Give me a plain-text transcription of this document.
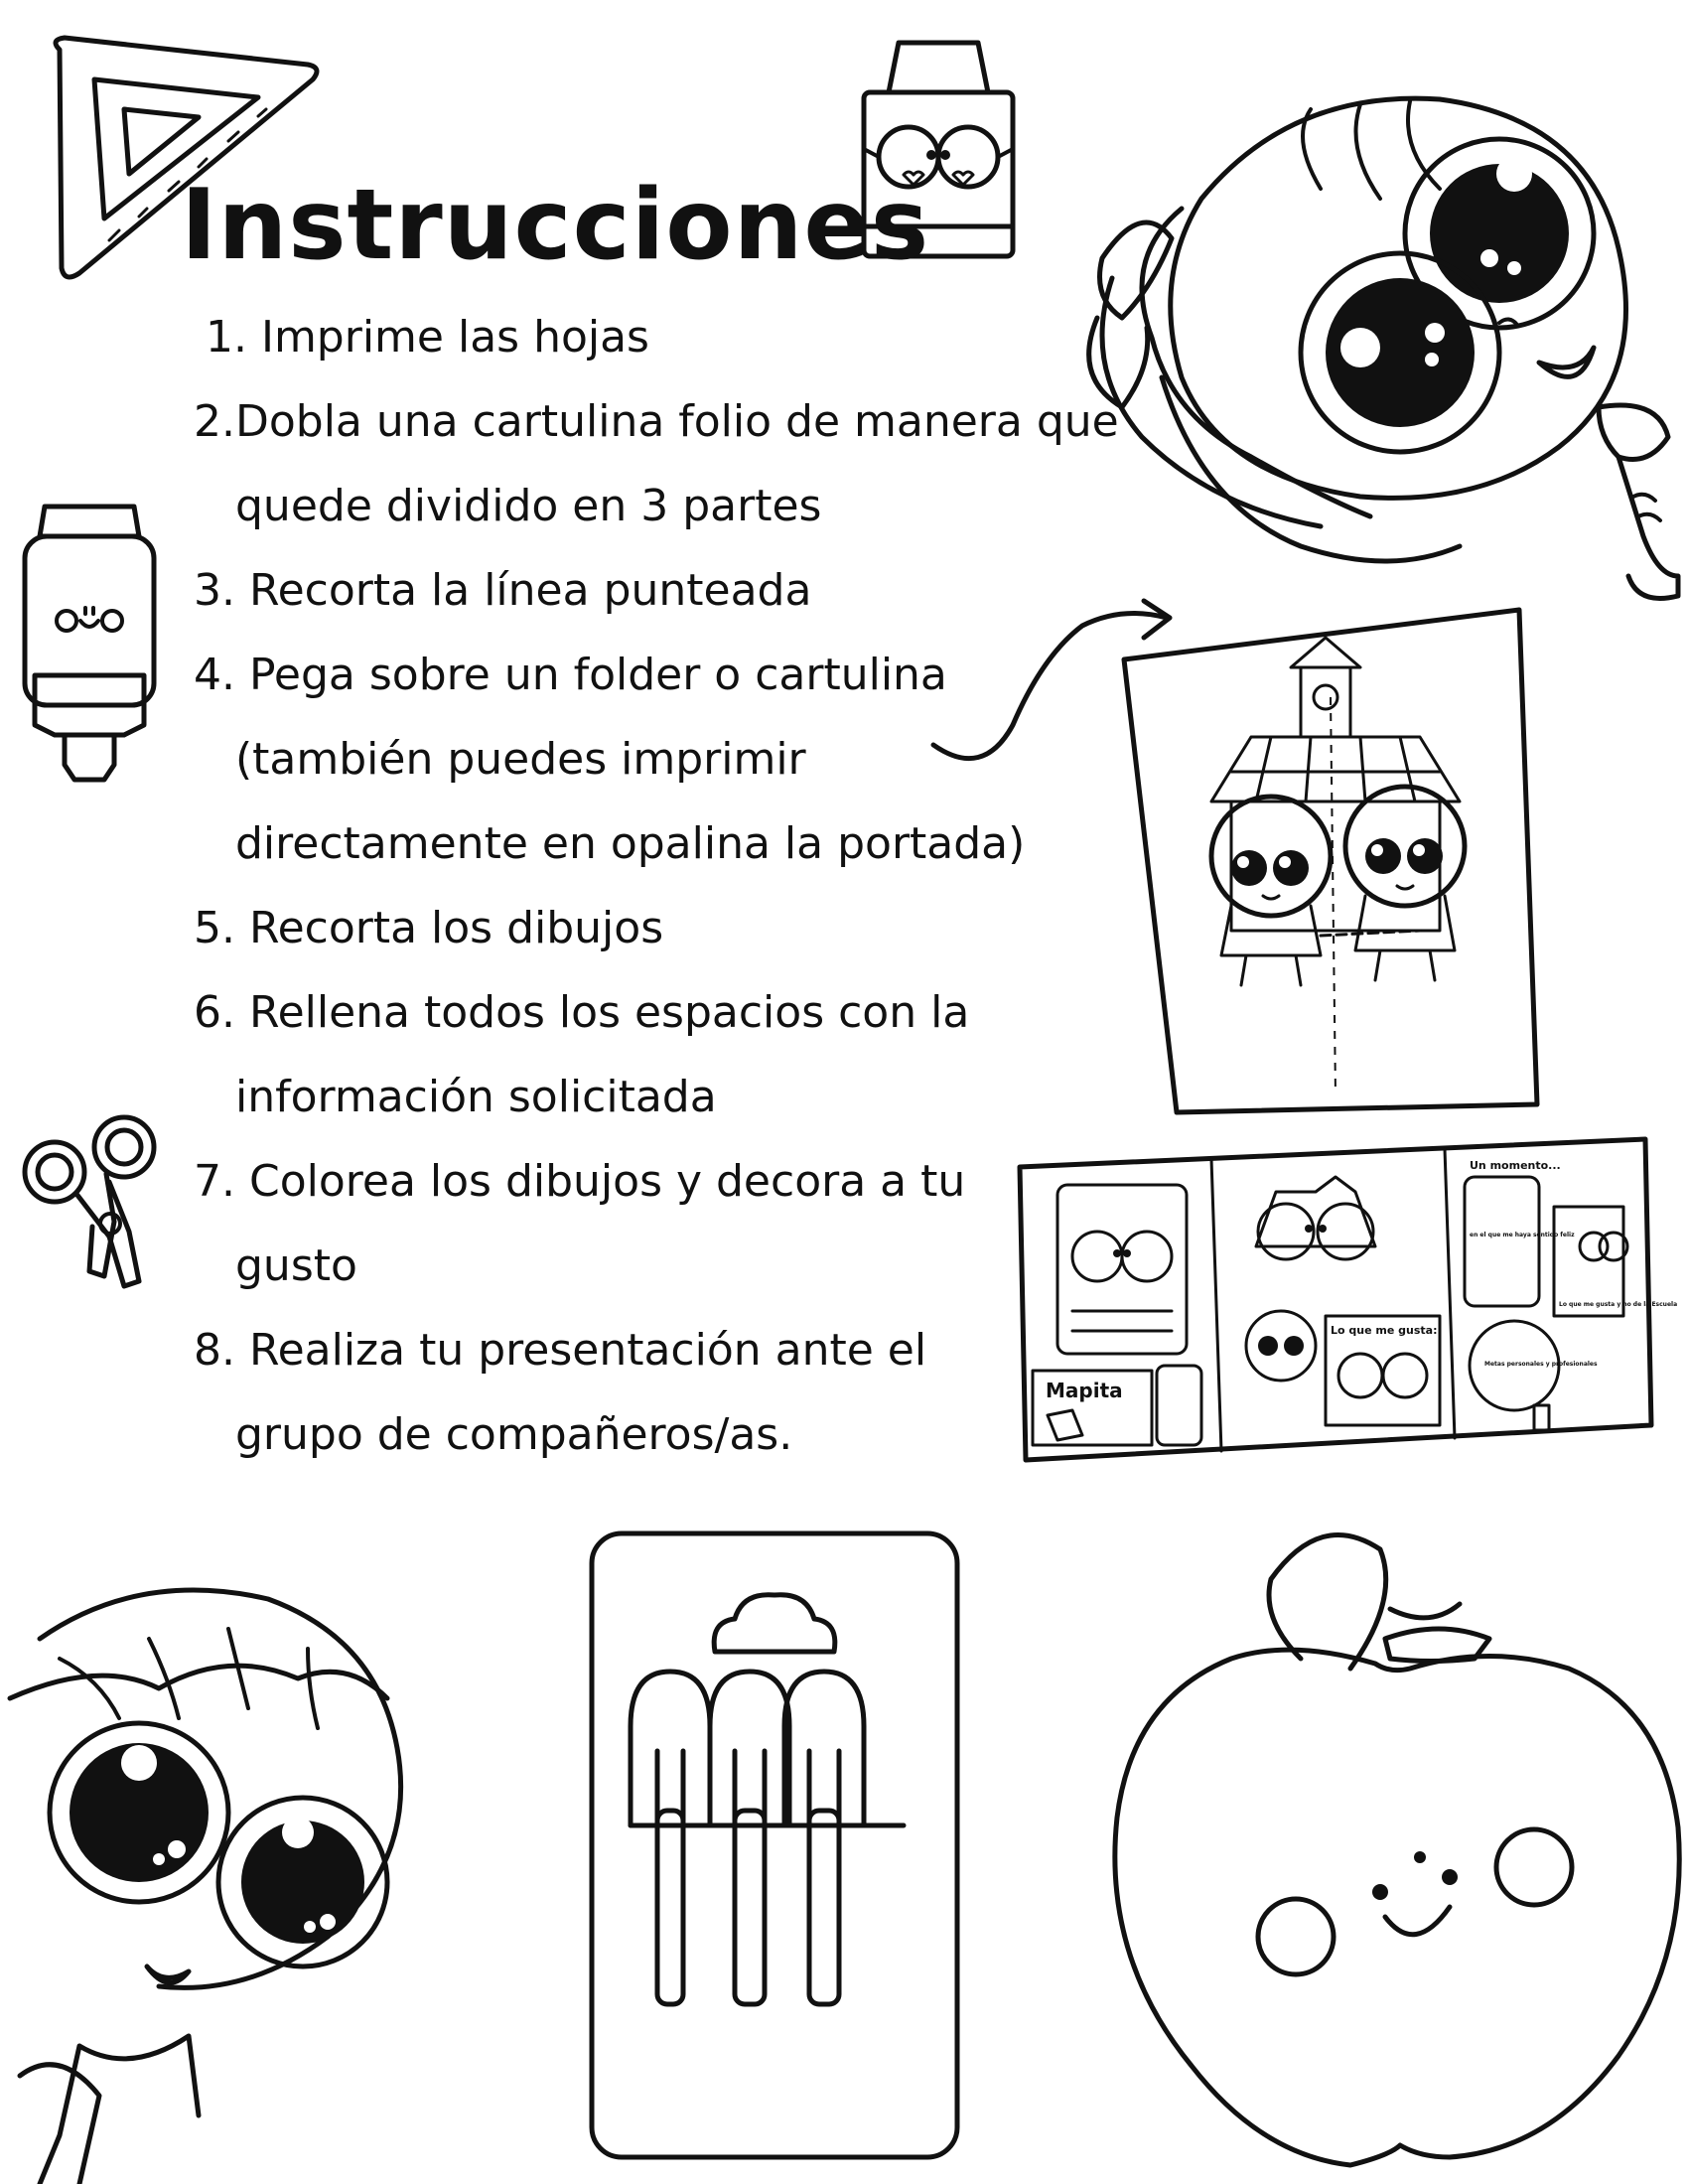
Instrucciones
1. Imprime las hojas
2.Dobla una cartulina folio de manera que
quede dividido en 3 partes
3. Recorta la línea punteada
4. Pega sobre un folder o cartulina
(también puedes imprimir
directamente en opalina la portada)
5. Recorta los dibujos
6. Rellena todos los espacios con la
información solicitada
7. Colorea los dibujos y decora a tu
gusto
8. Realiza tu presentación ante el
grupo de compañeros/as.
Mapita
Lo que me gusta:
Un momento...
en el que me haya sentido feliz
Lo que me gusta y no de la Escuela
Metas personales y profesionales
